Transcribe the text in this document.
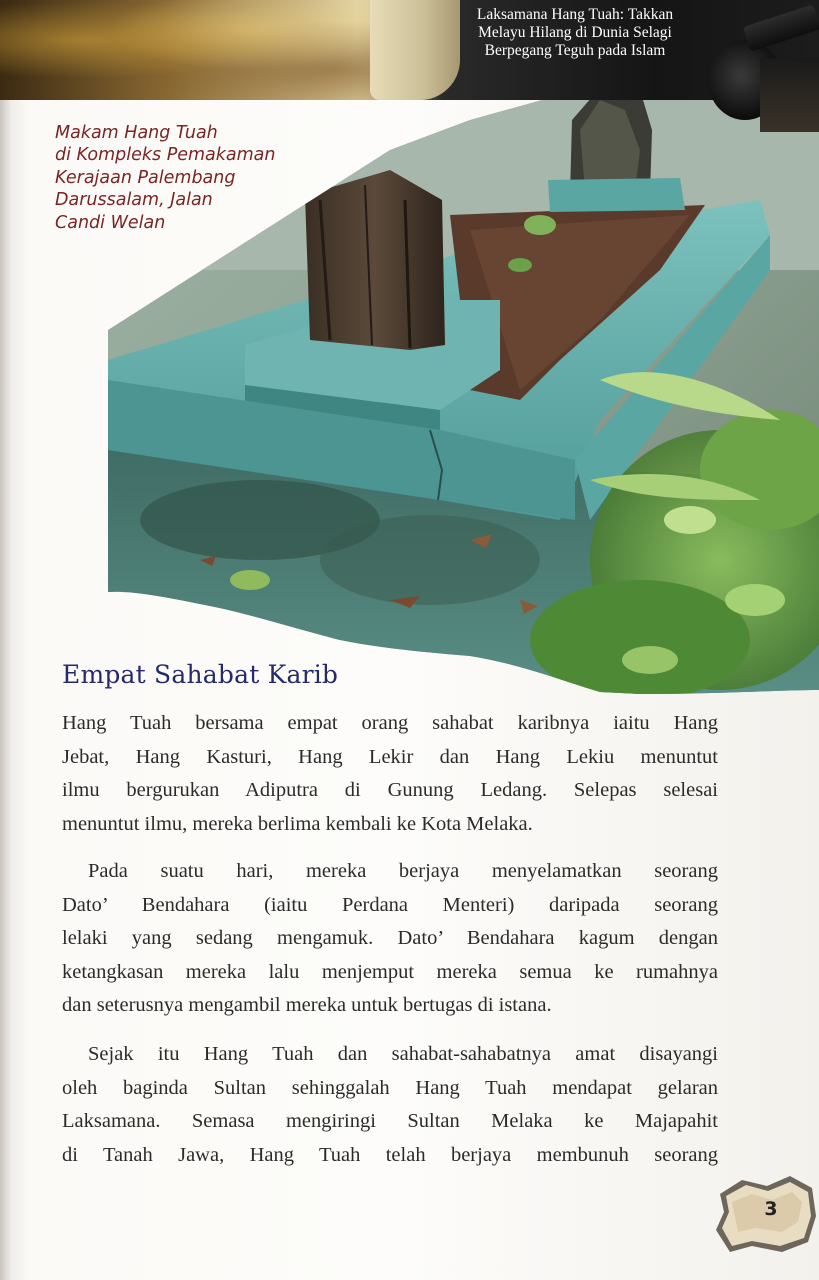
Laksamana Hang Tuah: Takkan
Melayu Hilang di Dunia Selagi
Berpegang Teguh pada Islam
Makam Hang Tuah
di Kompleks Pemakaman
Kerajaan Palembang
Darussalam, Jalan
Candi Welan
Empat Sahabat Karib
Hang Tuah bersama empat orang sahabat karibnya iaitu Hang
Jebat, Hang Kasturi, Hang Lekir dan Hang Lekiu menuntut
ilmu bergurukan Adiputra di Gunung Ledang. Selepas selesai
menuntut ilmu, mereka berlima kembali ke Kota Melaka.
Pada suatu hari, mereka berjaya menyelamatkan seorang
Dato’ Bendahara (iaitu Perdana Menteri) daripada seorang
lelaki yang sedang mengamuk. Dato’ Bendahara kagum dengan
ketangkasan mereka lalu menjemput mereka semua ke rumahnya
dan seterusnya mengambil mereka untuk bertugas di istana.
Sejak itu Hang Tuah dan sahabat-sahabatnya amat disayangi
oleh baginda Sultan sehinggalah Hang Tuah mendapat gelaran
Laksamana. Semasa mengiringi Sultan Melaka ke Majapahit
di Tanah Jawa, Hang Tuah telah berjaya membunuh seorang
3
